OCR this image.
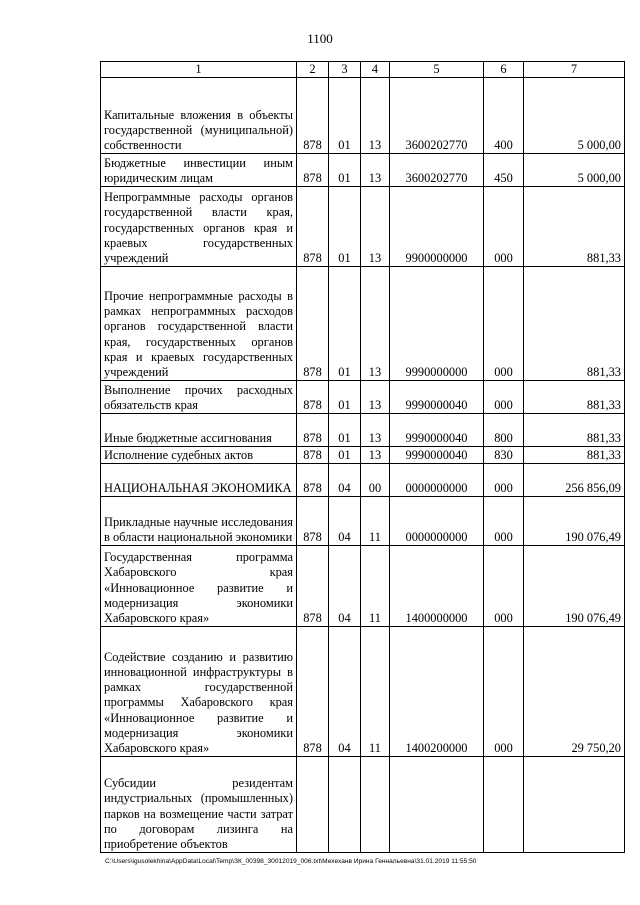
1100
1	2	3	4	5	6	7
Капитальные вложения в объекты государственной (муниципальной) собственности	878	01	13	3600202770	400	5 000,00
Бюджетные инвестиции иным юридическим лицам	878	01	13	3600202770	450	5 000,00
Непрограммные расходы органов государственной власти края, государственных органов края и краевых государственных учреждений	878	01	13	9900000000	000	881,33
Прочие непрограммные расходы в рамках непрограммных расходов органов государственной власти края, государственных органов края и краевых государственных учреждений	878	01	13	9990000000	000	881,33
Выполнение прочих расходных обязательств края	878	01	13	9990000040	000	881,33
Иные бюджетные ассигнования	878	01	13	9990000040	800	881,33
Исполнение судебных актов	878	01	13	9990000040	830	881,33
НАЦИОНАЛЬНАЯ ЭКОНОМИКА	878	04	00	0000000000	000	256 856,09
Прикладные научные исследования в области национальной экономики	878	04	11	0000000000	000	190 076,49
Государственная программа Хабаровского края «Инновационное развитие и модернизация экономики Хабаровского края»	878	04	11	1400000000	000	190 076,49
Содействие созданию и развитию инновационной инфраструктуры в рамках государственной программы Хабаровского края «Инновационное развитие и модернизация экономики Хабаровского края»	878	04	11	1400200000	000	29 750,20
Субсидии резидентам индустриальных (промышленных) парков на возмещение части затрат по договорам лизинга на приобретение объектов						
C:\Users\igusolekhina\AppData\Local\Temp\ЗК_00398_30012019_006.txt\Мехеханв Ирина Геннальевна\31.01.2019 11:55:50
